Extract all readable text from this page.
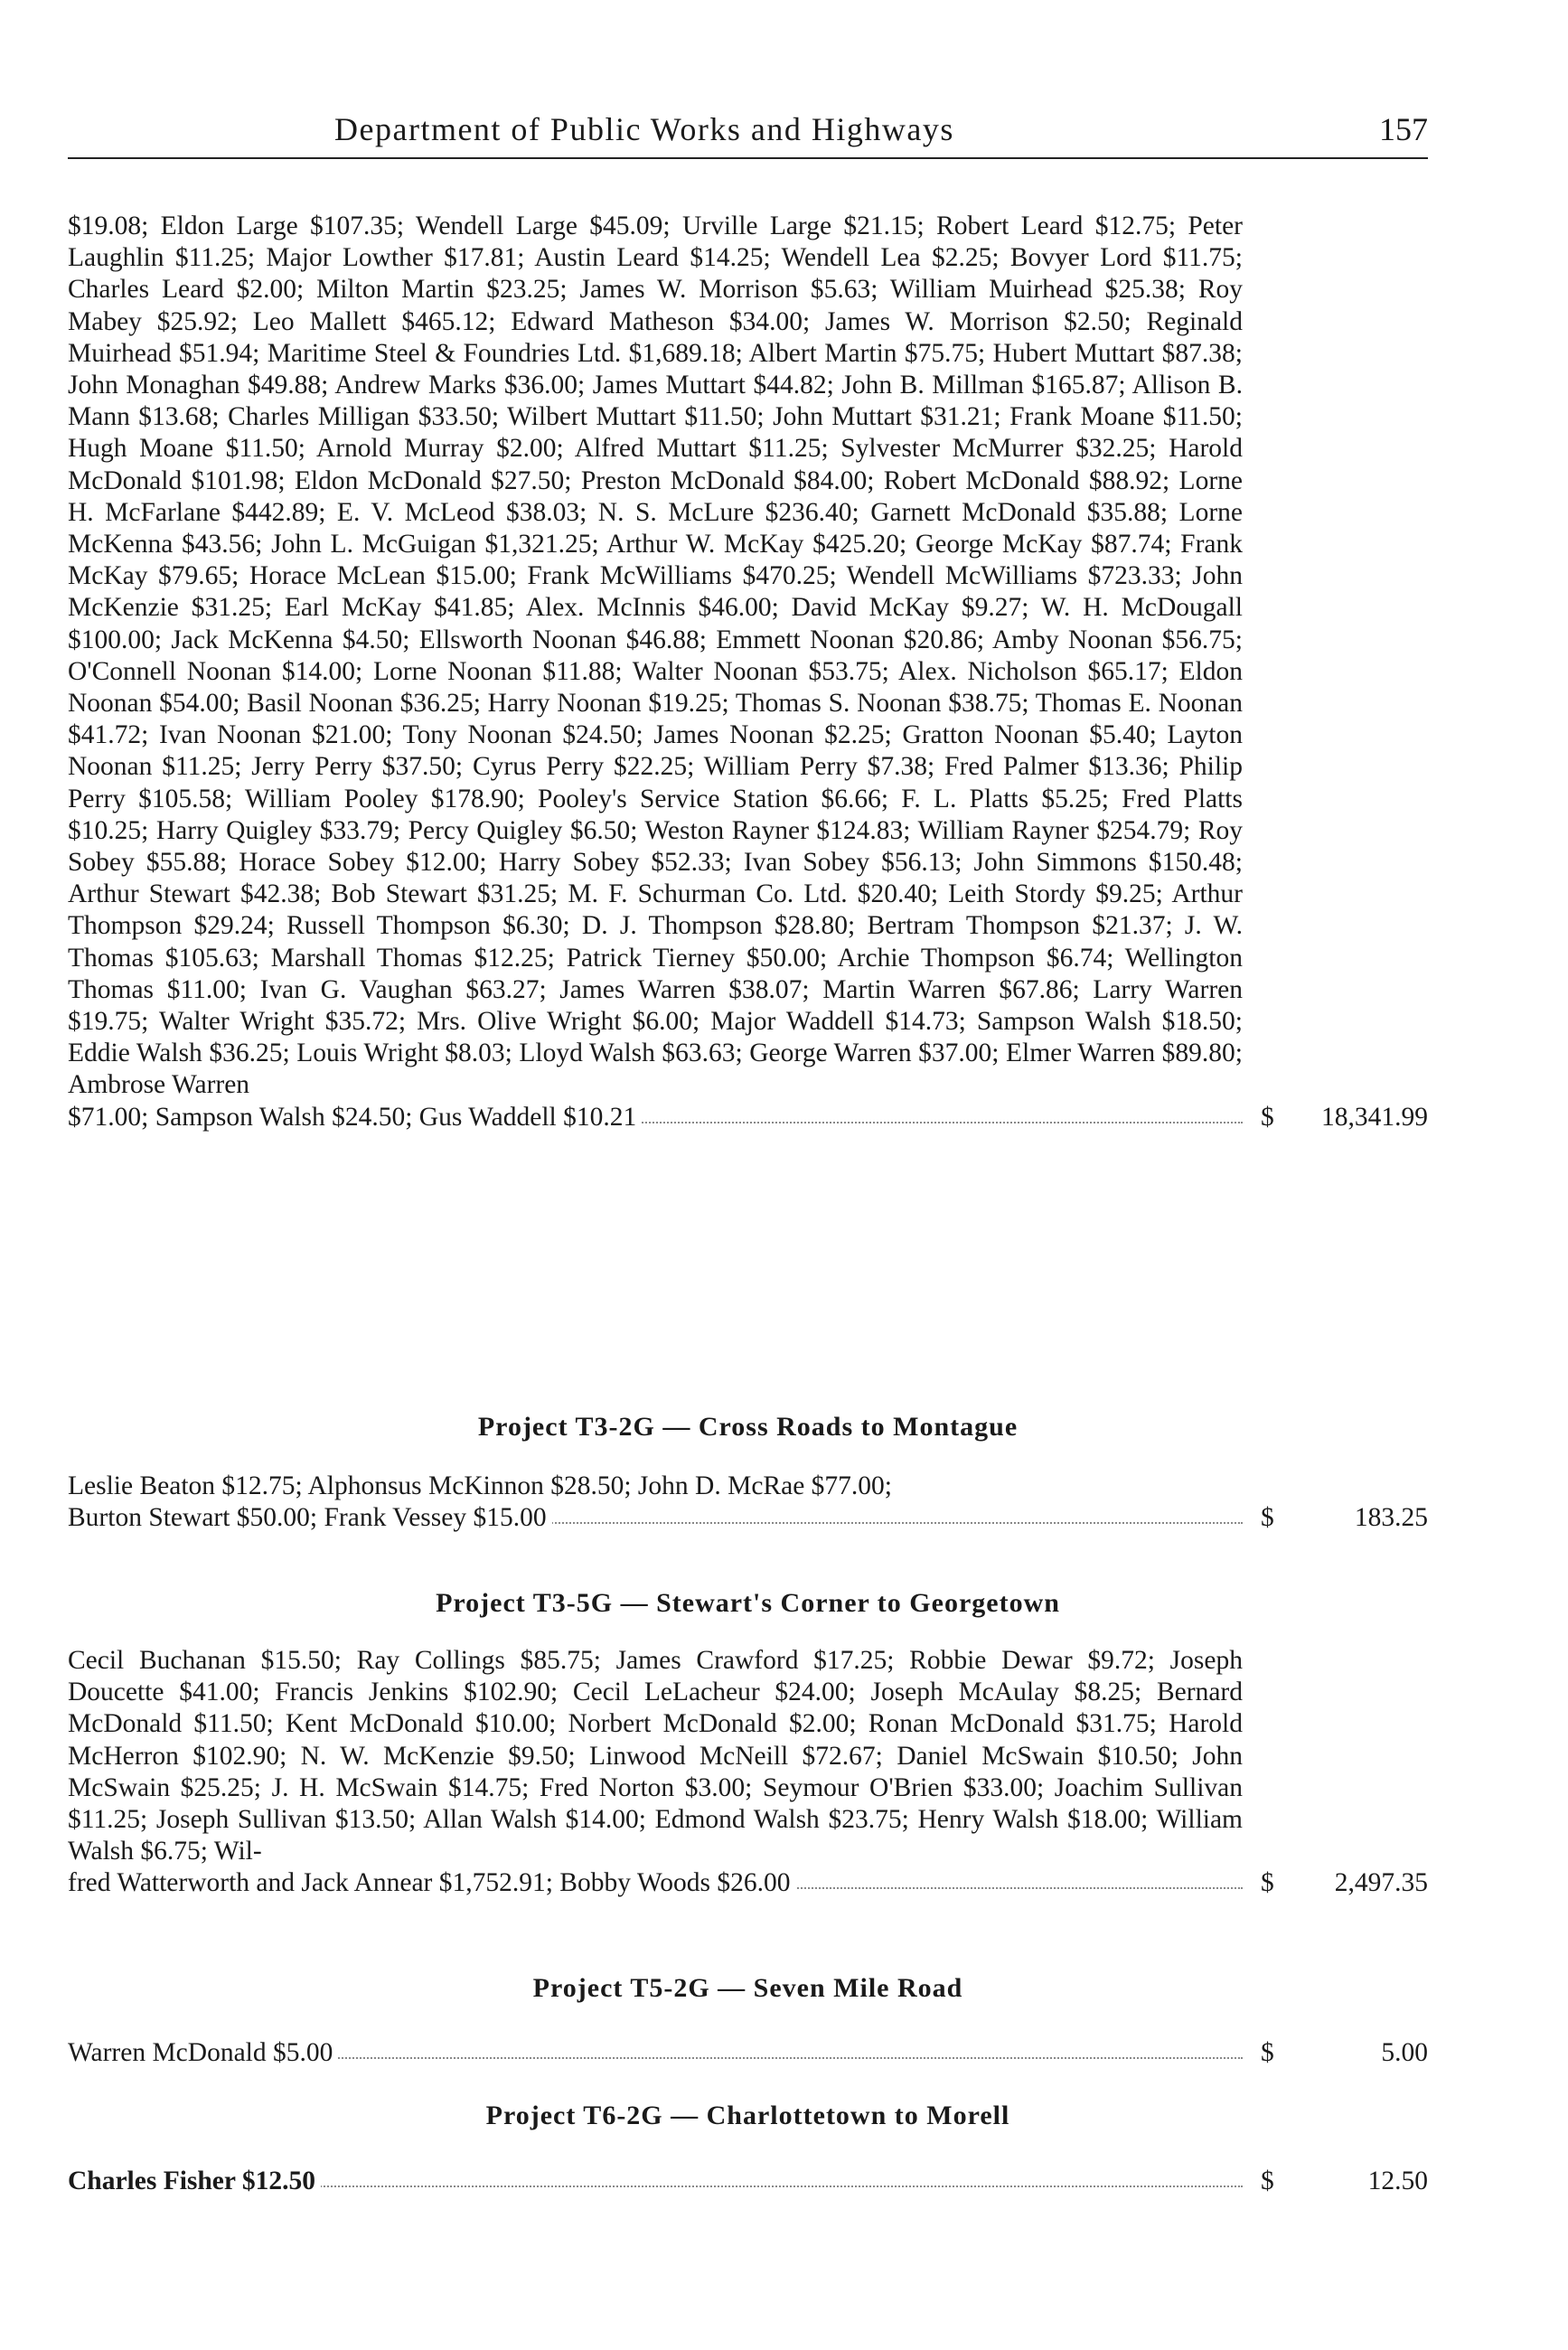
Department of Public Works and Highways	157

$19.08; Eldon Large $107.35; Wendell Large $45.09; Urville Large $21.15; Robert Leard $12.75; Peter Laughlin $11.25; Major Lowther $17.81; Austin Leard $14.25; Wendell Lea $2.25; Bovyer Lord $11.75; Charles Leard $2.00; Milton Martin $23.25; James W. Morrison $5.63; William Muirhead $25.38; Roy Mabey $25.92; Leo Mallett $465.12; Edward Matheson $34.00; James W. Morrison $2.50; Reginald Muirhead $51.94; Maritime Steel & Foundries Ltd. $1,689.18; Albert Martin $75.75; Hubert Muttart $87.38; John Monaghan $49.88; Andrew Marks $36.00; James Muttart $44.82; John B. Millman $165.87; Allison B. Mann $13.68; Charles Milligan $33.50; Wilbert Muttart $11.50; John Muttart $31.21; Frank Moane $11.50; Hugh Moane $11.50; Arnold Murray $2.00; Alfred Muttart $11.25; Sylvester McMurrer $32.25; Harold McDonald $101.98; Eldon McDonald $27.50; Preston McDonald $84.00; Robert McDonald $88.92; Lorne H. McFarlane $442.89; E. V. McLeod $38.03; N. S. McLure $236.40; Garnett McDonald $35.88; Lorne McKenna $43.56; John L. McGuigan $1,321.25; Arthur W. McKay $425.20; George McKay $87.74; Frank McKay $79.65; Horace McLean $15.00; Frank McWilliams $470.25; Wendell McWilliams $723.33; John McKenzie $31.25; Earl McKay $41.85; Alex. McInnis $46.00; David McKay $9.27; W. H. McDougall $100.00; Jack McKenna $4.50; Ellsworth Noonan $46.88; Emmett Noonan $20.86; Amby Noonan $56.75; O'Connell Noonan $14.00; Lorne Noonan $11.88; Walter Noonan $53.75; Alex. Nicholson $65.17; Eldon Noonan $54.00; Basil Noonan $36.25; Harry Noonan $19.25; Thomas S. Noonan $38.75; Thomas E. Noonan $41.72; Ivan Noonan $21.00; Tony Noonan $24.50; James Noonan $2.25; Gratton Noonan $5.40; Layton Noonan $11.25; Jerry Perry $37.50; Cyrus Perry $22.25; William Perry $7.38; Fred Palmer $13.36; Philip Perry $105.58; William Pooley $178.90; Pooley's Service Station $6.66; F. L. Platts $5.25; Fred Platts $10.25; Harry Quigley $33.79; Percy Quigley $6.50; Weston Rayner $124.83; William Rayner $254.79; Roy Sobey $55.88; Horace Sobey $12.00; Harry Sobey $52.33; Ivan Sobey $56.13; John Simmons $150.48; Arthur Stewart $42.38; Bob Stewart $31.25; M. F. Schurman Co. Ltd. $20.40; Leith Stordy $9.25; Arthur Thompson $29.24; Russell Thompson $6.30; D. J. Thompson $28.80; Bertram Thompson $21.37; J. W. Thomas $105.63; Marshall Thomas $12.25; Patrick Tierney $50.00; Archie Thompson $6.74; Wellington Thomas $11.00; Ivan G. Vaughan $63.27; James Warren $38.07; Martin Warren $67.86; Larry Warren $19.75; Walter Wright $35.72; Mrs. Olive Wright $6.00; Major Waddell $14.73; Sampson Walsh $18.50; Eddie Walsh $36.25; Louis Wright $8.03; Lloyd Walsh $63.63; George Warren $37.00; Elmer Warren $89.80; Ambrose Warren

$71.00; Sampson Walsh $24.50; Gus Waddell $10.21	$ 18,341.99
Project T3-2G — Cross Roads to Montague

Leslie Beaton $12.75; Alphonsus McKinnon $28.50; John D. McRae $77.00;

Burton Stewart $50.00; Frank Vessey $15.00	$	183.25
Project T3-5G — Stewart's Corner to Georgetown

Cecil Buchanan $15.50; Ray Collings $85.75; James Crawford $17.25; Robbie Dewar $9.72; Joseph Doucette $41.00; Francis Jenkins $102.90; Cecil LeLacheur $24.00; Joseph McAulay $8.25; Bernard McDonald $11.50; Kent McDonald $10.00; Norbert McDonald $2.00; Ronan McDonald $31.75; Harold McHerron $102.90; N. W. McKenzie $9.50; Linwood McNeill $72.67; Daniel McSwain $10.50; John McSwain $25.25; J. H. McSwain $14.75; Fred Norton $3.00; Seymour O'Brien $33.00; Joachim Sullivan $11.25; Joseph Sullivan $13.50; Allan Walsh $14.00; Edmond Walsh $23.75; Henry Walsh $18.00; William Walsh $6.75; Wil-

fred Watterworth and Jack Annear $1,752.91; Bobby Woods $26.00	$ 2,497.35
Project T5-2G — Seven Mile Road
Warren McDonald $5.00	$	5.00
Project T6-2G — Charlottetown to Morell
Charles Fisher $12.50	$	12.50
